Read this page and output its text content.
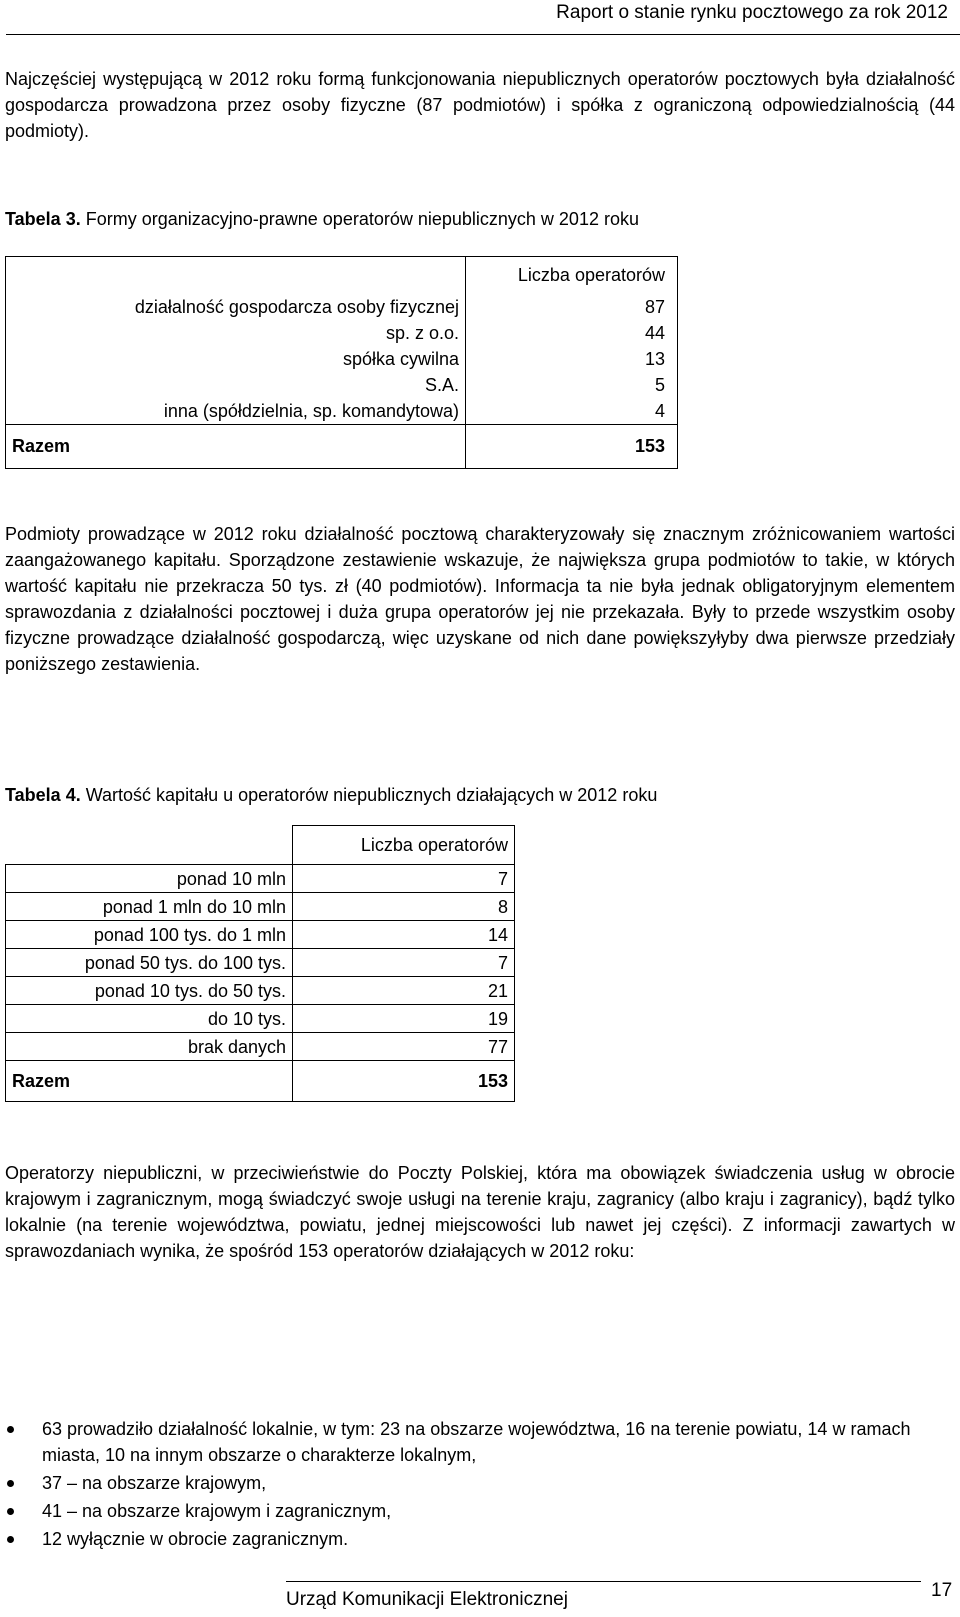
Raport o stanie rynku pocztowego za rok 2012

Najczęściej występującą w 2012 roku formą funkcjonowania niepublicznych operatorów pocztowych była działalność gospodarcza prowadzona przez osoby fizyczne (87 podmiotów) i spółka z ograniczoną odpowiedzialnością (44 podmioty).

Tabela 3. Formy organizacyjno-prawne operatorów niepublicznych w 2012 roku
	Liczba operatorów
działalność gospodarcza osoby fizycznej	87
sp. z o.o.	44
spółka cywilna	13
S.A.	5
inna (spółdzielnia, sp. komandytowa)	4
Razem	153

Podmioty prowadzące w 2012 roku działalność pocztową charakteryzowały się znacznym zróżnicowaniem wartości zaangażowanego kapitału. Sporządzone zestawienie wskazuje, że największa grupa podmiotów to takie, w których wartość kapitału nie przekracza 50 tys. zł (40 podmiotów). Informacja ta nie była jednak obligatoryjnym elementem sprawozdania z działalności pocztowej i duża grupa operatorów jej nie przekazała. Były to przede wszystkim osoby fizyczne prowadzące działalność gospodarczą, więc uzyskane od nich dane powiększyłyby dwa pierwsze przedziały poniższego zestawienia.

Tabela 4. Wartość kapitału u operatorów niepublicznych działających w 2012 roku
	Liczba operatorów
ponad 10 mln	7
ponad 1 mln do 10 mln	8
ponad 100 tys. do 1 mln	14
ponad 50 tys. do 100 tys.	7
ponad 10 tys. do 50 tys.	21
do 10 tys.	19
brak danych	77
Razem	153

Operatorzy niepubliczni, w przeciwieństwie do Poczty Polskiej, która ma obowiązek świadczenia usług w obrocie krajowym i zagranicznym, mogą świadczyć swoje usługi na terenie kraju, zagranicy (albo kraju i zagranicy), bądź tylko lokalnie (na terenie województwa, powiatu, jednej miejscowości lub nawet jej części). Z informacji zawartych w sprawozdaniach wynika, że spośród 153 operatorów działających w 2012 roku:

63 prowadziło działalność lokalnie, w tym: 23 na obszarze województwa, 16 na terenie powiatu, 14 w ramach miasta, 10 na innym obszarze o charakterze lokalnym,
37 – na obszarze krajowym,
41 – na obszarze krajowym i zagranicznym,
12 wyłącznie w obrocie zagranicznym.
Urząd Komunikacji Elektronicznej	17
